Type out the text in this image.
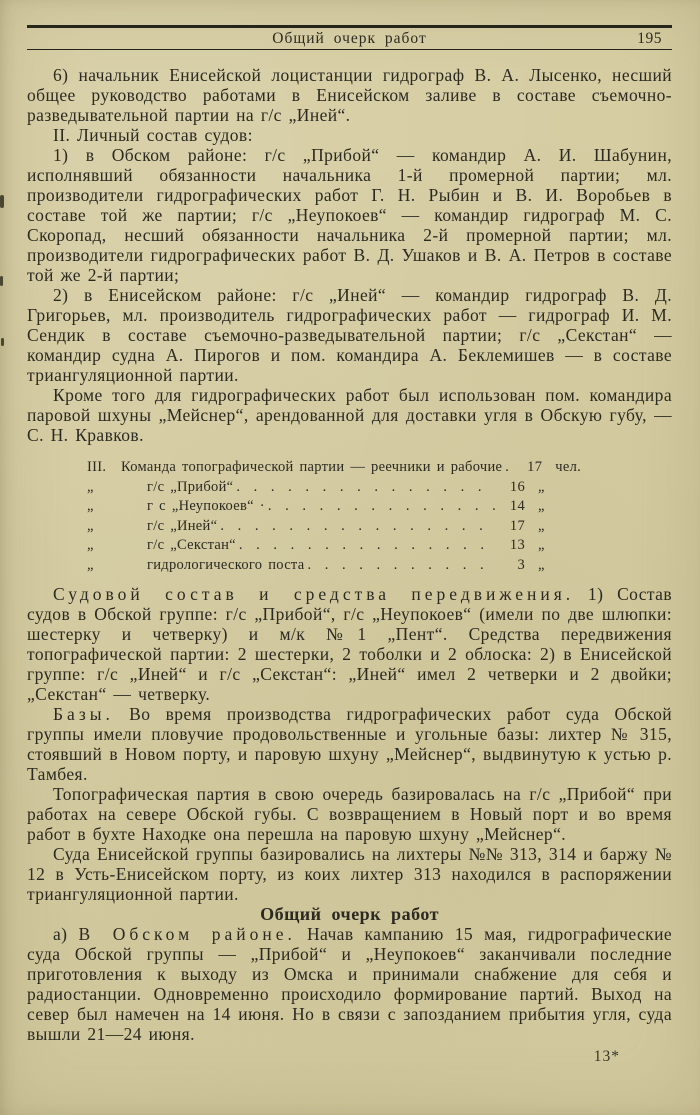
Общий очерк работ	195

6) начальник Енисейской лоцистанции гидрограф В. А. Лысенко, несший общее руководство работами в Енисейском заливе в составе съемочно-разведывательной партии на г/с „Иней“.

II. Личный состав судов:

1) в Обском районе: г/с „Прибой“ — командир А. И. Шабунин, исполнявший обязанности начальника 1-й промерной партии; мл. производители гидрографических работ Г. Н. Рыбин и В. И. Воробьев в составе той же партии; г/с „Неупокоев“ — командир гидрограф М. С. Скоропад, несший обязанности начальника 2-й промерной партии; мл. производители гидрографических работ В. Д. Ушаков и В. А. Петров в составе той же 2-й партии;

2) в Енисейском районе: г/с „Иней“ — командир гидрограф В. Д. Григорьев, мл. производитель гидрографических работ — гидрограф И. М. Сендик в составе съемочно-разведывательной партии; г/с „Секстан“ — командир судна А. Пирогов и пом. командира А. Беклемишев — в составе триангуляционной партии.

Кроме того для гидрографических работ был использован пом. командира паровой шхуны „Мейснер“, арендованной для доставки угля в Обскую губу, — С. Н. Кравков.

III.	Команда топографической партии — реечники и рабочие . . .	17 чел.
„	г/с „Прибой“ . . .	16 „
„	г с „Неупокоев“ · . . .	14 „
„	г/с „Иней“ . . .	17 „
„	г/с „Секстан“ . . .	13 „
„	гидрологического поста . . .	3 „

Судовой состав и средства передвижения. 1) Состав судов в Обской группе: г/с „Прибой“, г/с „Неупокоев“ (имели по две шлюпки: шестерку и четверку) и м/к №1 „Пент“. Средства передвижения топографической партии: 2 шестерки, 2 тоболки и 2 облоска: 2) в Енисейской группе: г/с „Иней“ и г/с „Секстан“: „Иней“ имел 2 четверки и 2 двойки; „Секстан“ — четверку.

Базы. Во время производства гидрографических работ суда Обской группы имели пловучие продовольственные и угольные базы: лихтер № 315, стоявший в Новом порту, и паровую шхуну „Мейснер“, выдвинутую к устью р. Тамбея.

Топографическая партия в свою очередь базировалась на г/с „Прибой“ при работах на севере Обской губы. С возвращением в Новый порт и во время работ в бухте Находке она перешла на паровую шхуну „Мейснер“.

Суда Енисейской группы базировались на лихтеры №№ 313, 314 и баржу № 12 в Усть-Енисейском порту, из коих лихтер 313 находился в распоряжении триангуляционной партии.

Общий очерк работ

а) В Обском районе. Начав кампанию 15 мая, гидрографические суда Обской группы — „Прибой“ и „Неупокоев“ заканчивали последние приготовления к выходу из Омска и принимали снабжение для себя и радиостанции. Одновременно происходило формирование партий. Выход на север был намечен на 14 июня. Но в связи с запозданием прибытия угля, суда вышли 21—24 июня.

13*
